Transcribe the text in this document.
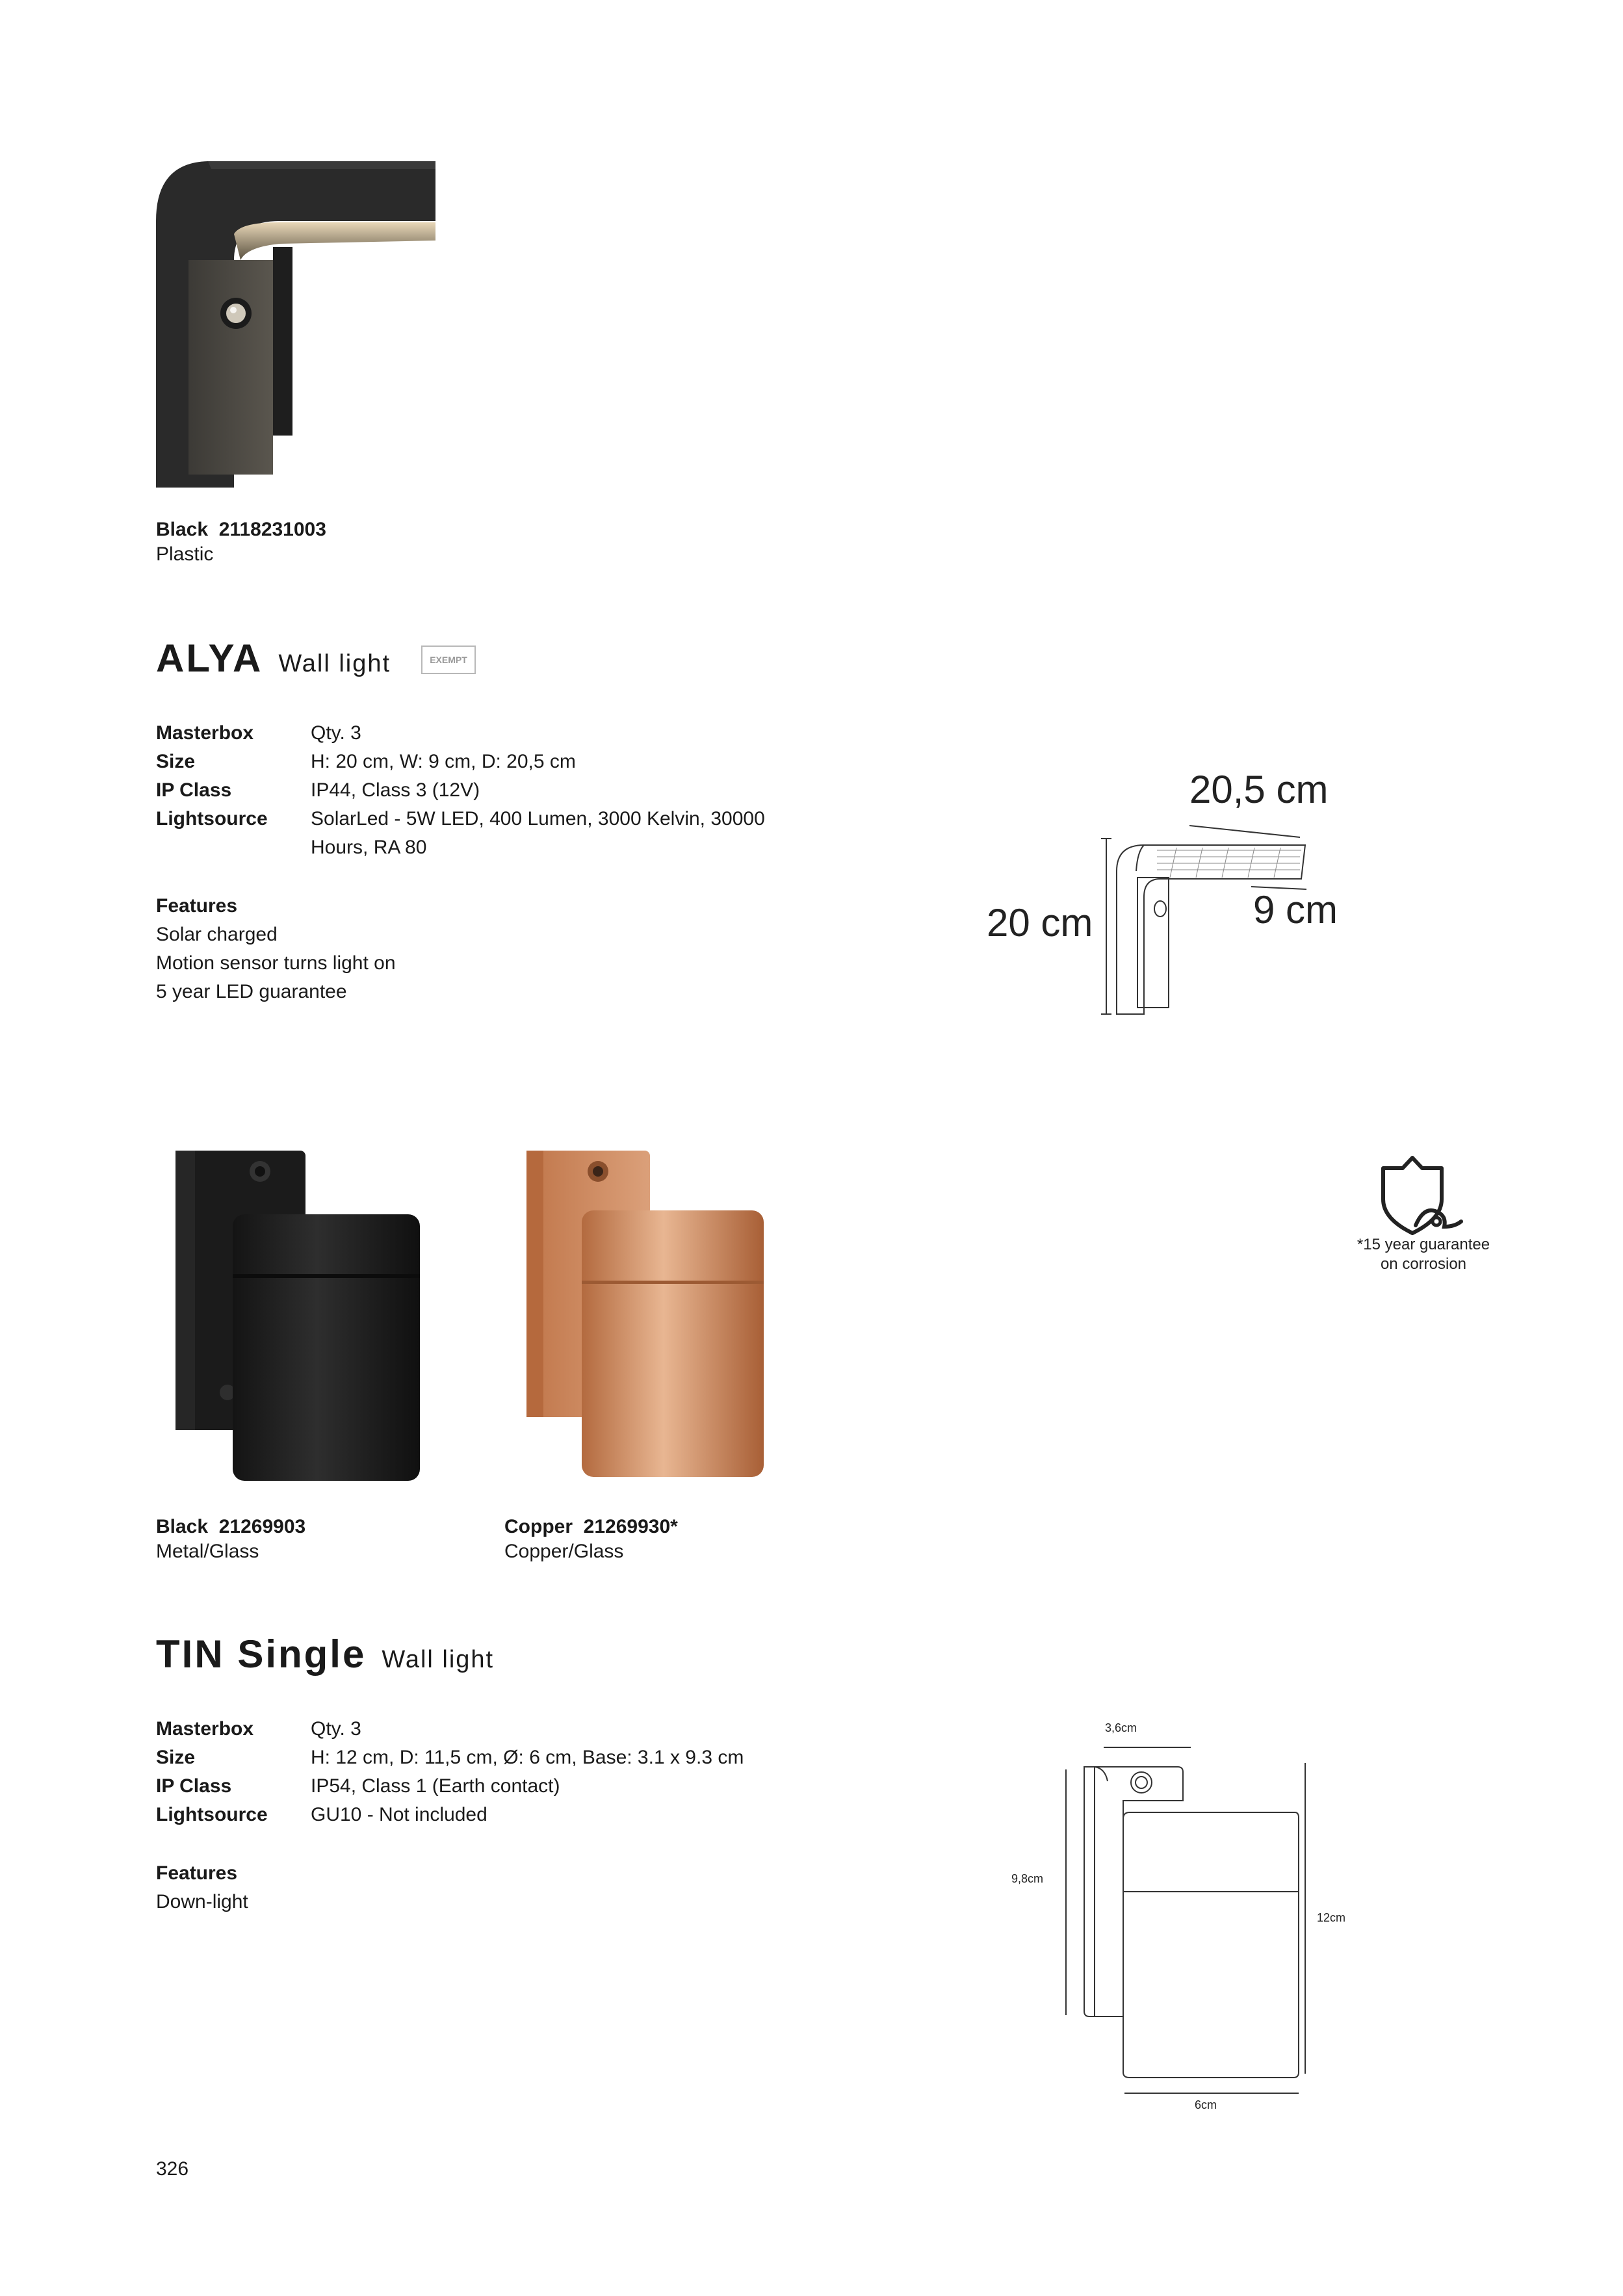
Black 2118231003
Plastic
ALYA Wall light	EXEMPT
Masterbox	Qty. 3
Size	H: 20 cm, W: 9 cm, D: 20,5 cm
IP Class	IP44, Class 3 (12V)
Lightsource	SolarLed - 5W LED, 400 Lumen, 3000 Kelvin, 30000 Hours, RA 80
Features
Solar charged
Motion sensor turns light on
5 year LED guarantee
20,5 cm
20 cm	9 cm
Black 21269903
Metal/Glass
Copper 21269930*
Copper/Glass
*15 year guarantee
on corrosion
TIN Single Wall light
Masterbox	Qty. 3
Size	H: 12 cm, D: 11,5 cm, Ø: 6 cm, Base: 3.1 x 9.3 cm
IP Class	IP54, Class 1 (Earth contact)
Lightsource	GU10 - Not included
Features
Down-light
3,6cm
9,8cm
12cm
6cm
326
